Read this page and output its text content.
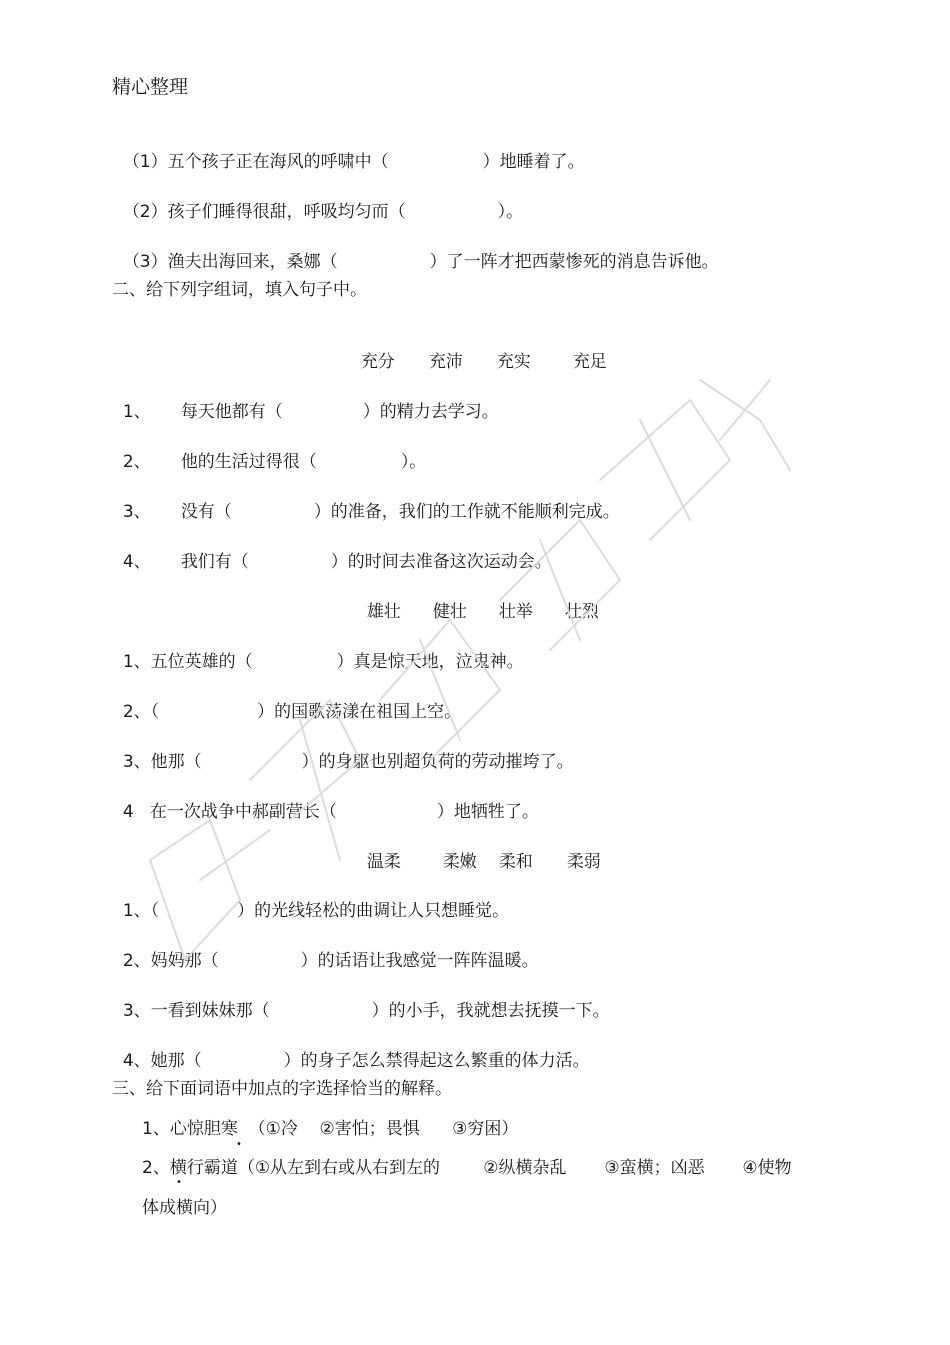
精心整理

（1）五个孩子正在海风的呼啸中（	）地睡着了。

（2）孩子们睡得很甜，呼吸均匀而（	）。

（3）渔夫出海回来，桑娜（	）了一阵才把西蒙惨死的消息告诉他。

二、给下列字组词，填入句子中。

充分 充沛 充实 充足

1、 每天他都有（	）的精力去学习。

2、 他的生活过得很（	）。

3、 没有（	）的准备，我们的工作就不能顺利完成。

4、 我们有（	）的时间去准备这次运动会。

雄壮 健壮 壮举 壮烈

1、五位英雄的（	）真是惊天地，泣鬼神。

2、（	）的国歌荡漾在祖国上空。

3、他那（	）的身躯也别超负荷的劳动摧垮了。

4   在一次战争中郝副营长（	）地牺牲了。

温柔 柔嫩 柔和 柔弱

1、（	）的光线轻松的曲调让人只想睡觉。

2、妈妈那（	）的话语让我感觉一阵阵温暖。

3、一看到妹妹那（	）的小手，我就想去抚摸一下。

4、她那（	）的身子怎么禁得起这么繁重的体力活。

三、给下面词语中加点的字选择恰当的解释。
1、心惊胆寒  （①冷    ②害怕；畏惧      ③穷困）
•
2、横行霸道（①从左到右或从右到左的        ②纵横杂乱       ③蛮横；凶恶       ④使物
•
体成横向）
